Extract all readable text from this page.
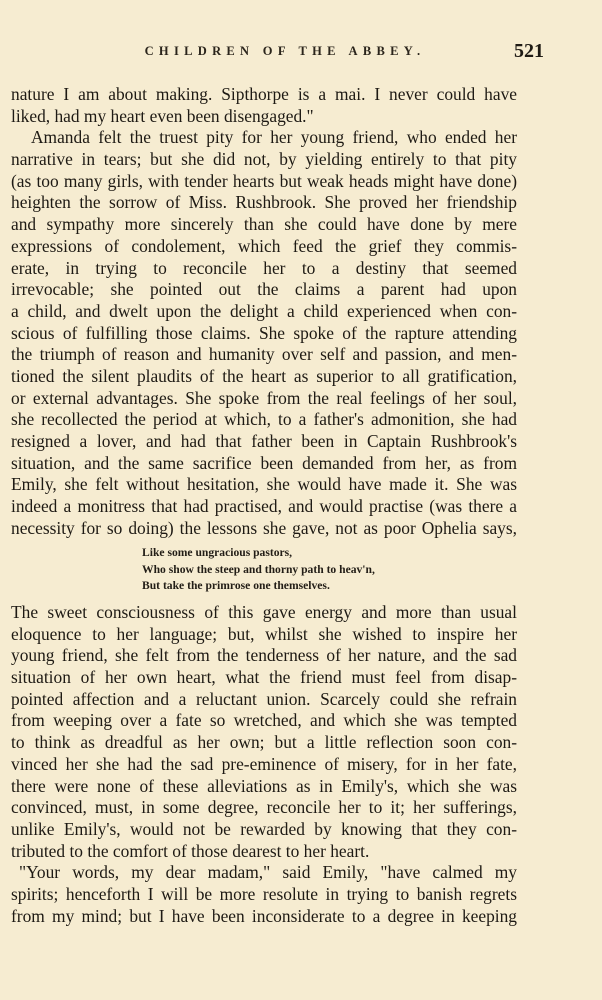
CHILDREN OF THE ABBEY.	521
nature I am about making. Sipthorpe is a mai. I never could have
liked, had my heart even been disengaged."
Amanda felt the truest pity for her young friend, who ended her
narrative in tears; but she did not, by yielding entirely to that pity
(as too many girls, with tender hearts but weak heads might have done)
heighten the sorrow of Miss. Rushbrook. She proved her friendship
and sympathy more sincerely than she could have done by mere
expressions of condolement, which feed the grief they commis-
erate, in trying to reconcile her to a destiny that seemed
irrevocable; she pointed out the claims a parent had upon
a child, and dwelt upon the delight a child experienced when con-
scious of fulfilling those claims. She spoke of the rapture attending
the triumph of reason and humanity over self and passion, and men-
tioned the silent plaudits of the heart as superior to all gratification,
or external advantages. She spoke from the real feelings of her soul,
she recollected the period at which, to a father's admonition, she had
resigned a lover, and had that father been in Captain Rushbrook's
situation, and the same sacrifice been demanded from her, as from
Emily, she felt without hesitation, she would have made it. She was
indeed a monitress that had practised, and would practise (was there a
necessity for so doing) the lessons she gave, not as poor Ophelia says,
Like some ungracious pastors,
Who show the steep and thorny path to heav'n,
But take the primrose one themselves.
The sweet consciousness of this gave energy and more than usual
eloquence to her language; but, whilst she wished to inspire her
young friend, she felt from the tenderness of her nature, and the sad
situation of her own heart, what the friend must feel from disap-
pointed affection and a reluctant union. Scarcely could she refrain
from weeping over a fate so wretched, and which she was tempted
to think as dreadful as her own; but a little reflection soon con-
vinced her she had the sad pre-eminence of misery, for in her fate,
there were none of these alleviations as in Emily's, which she was
convinced, must, in some degree, reconcile her to it; her sufferings,
unlike Emily's, would not be rewarded by knowing that they con-
tributed to the comfort of those dearest to her heart.
"Your words, my dear madam," said Emily, "have calmed my
spirits; henceforth I will be more resolute in trying to banish regrets
from my mind; but I have been inconsiderate to a degree in keeping
